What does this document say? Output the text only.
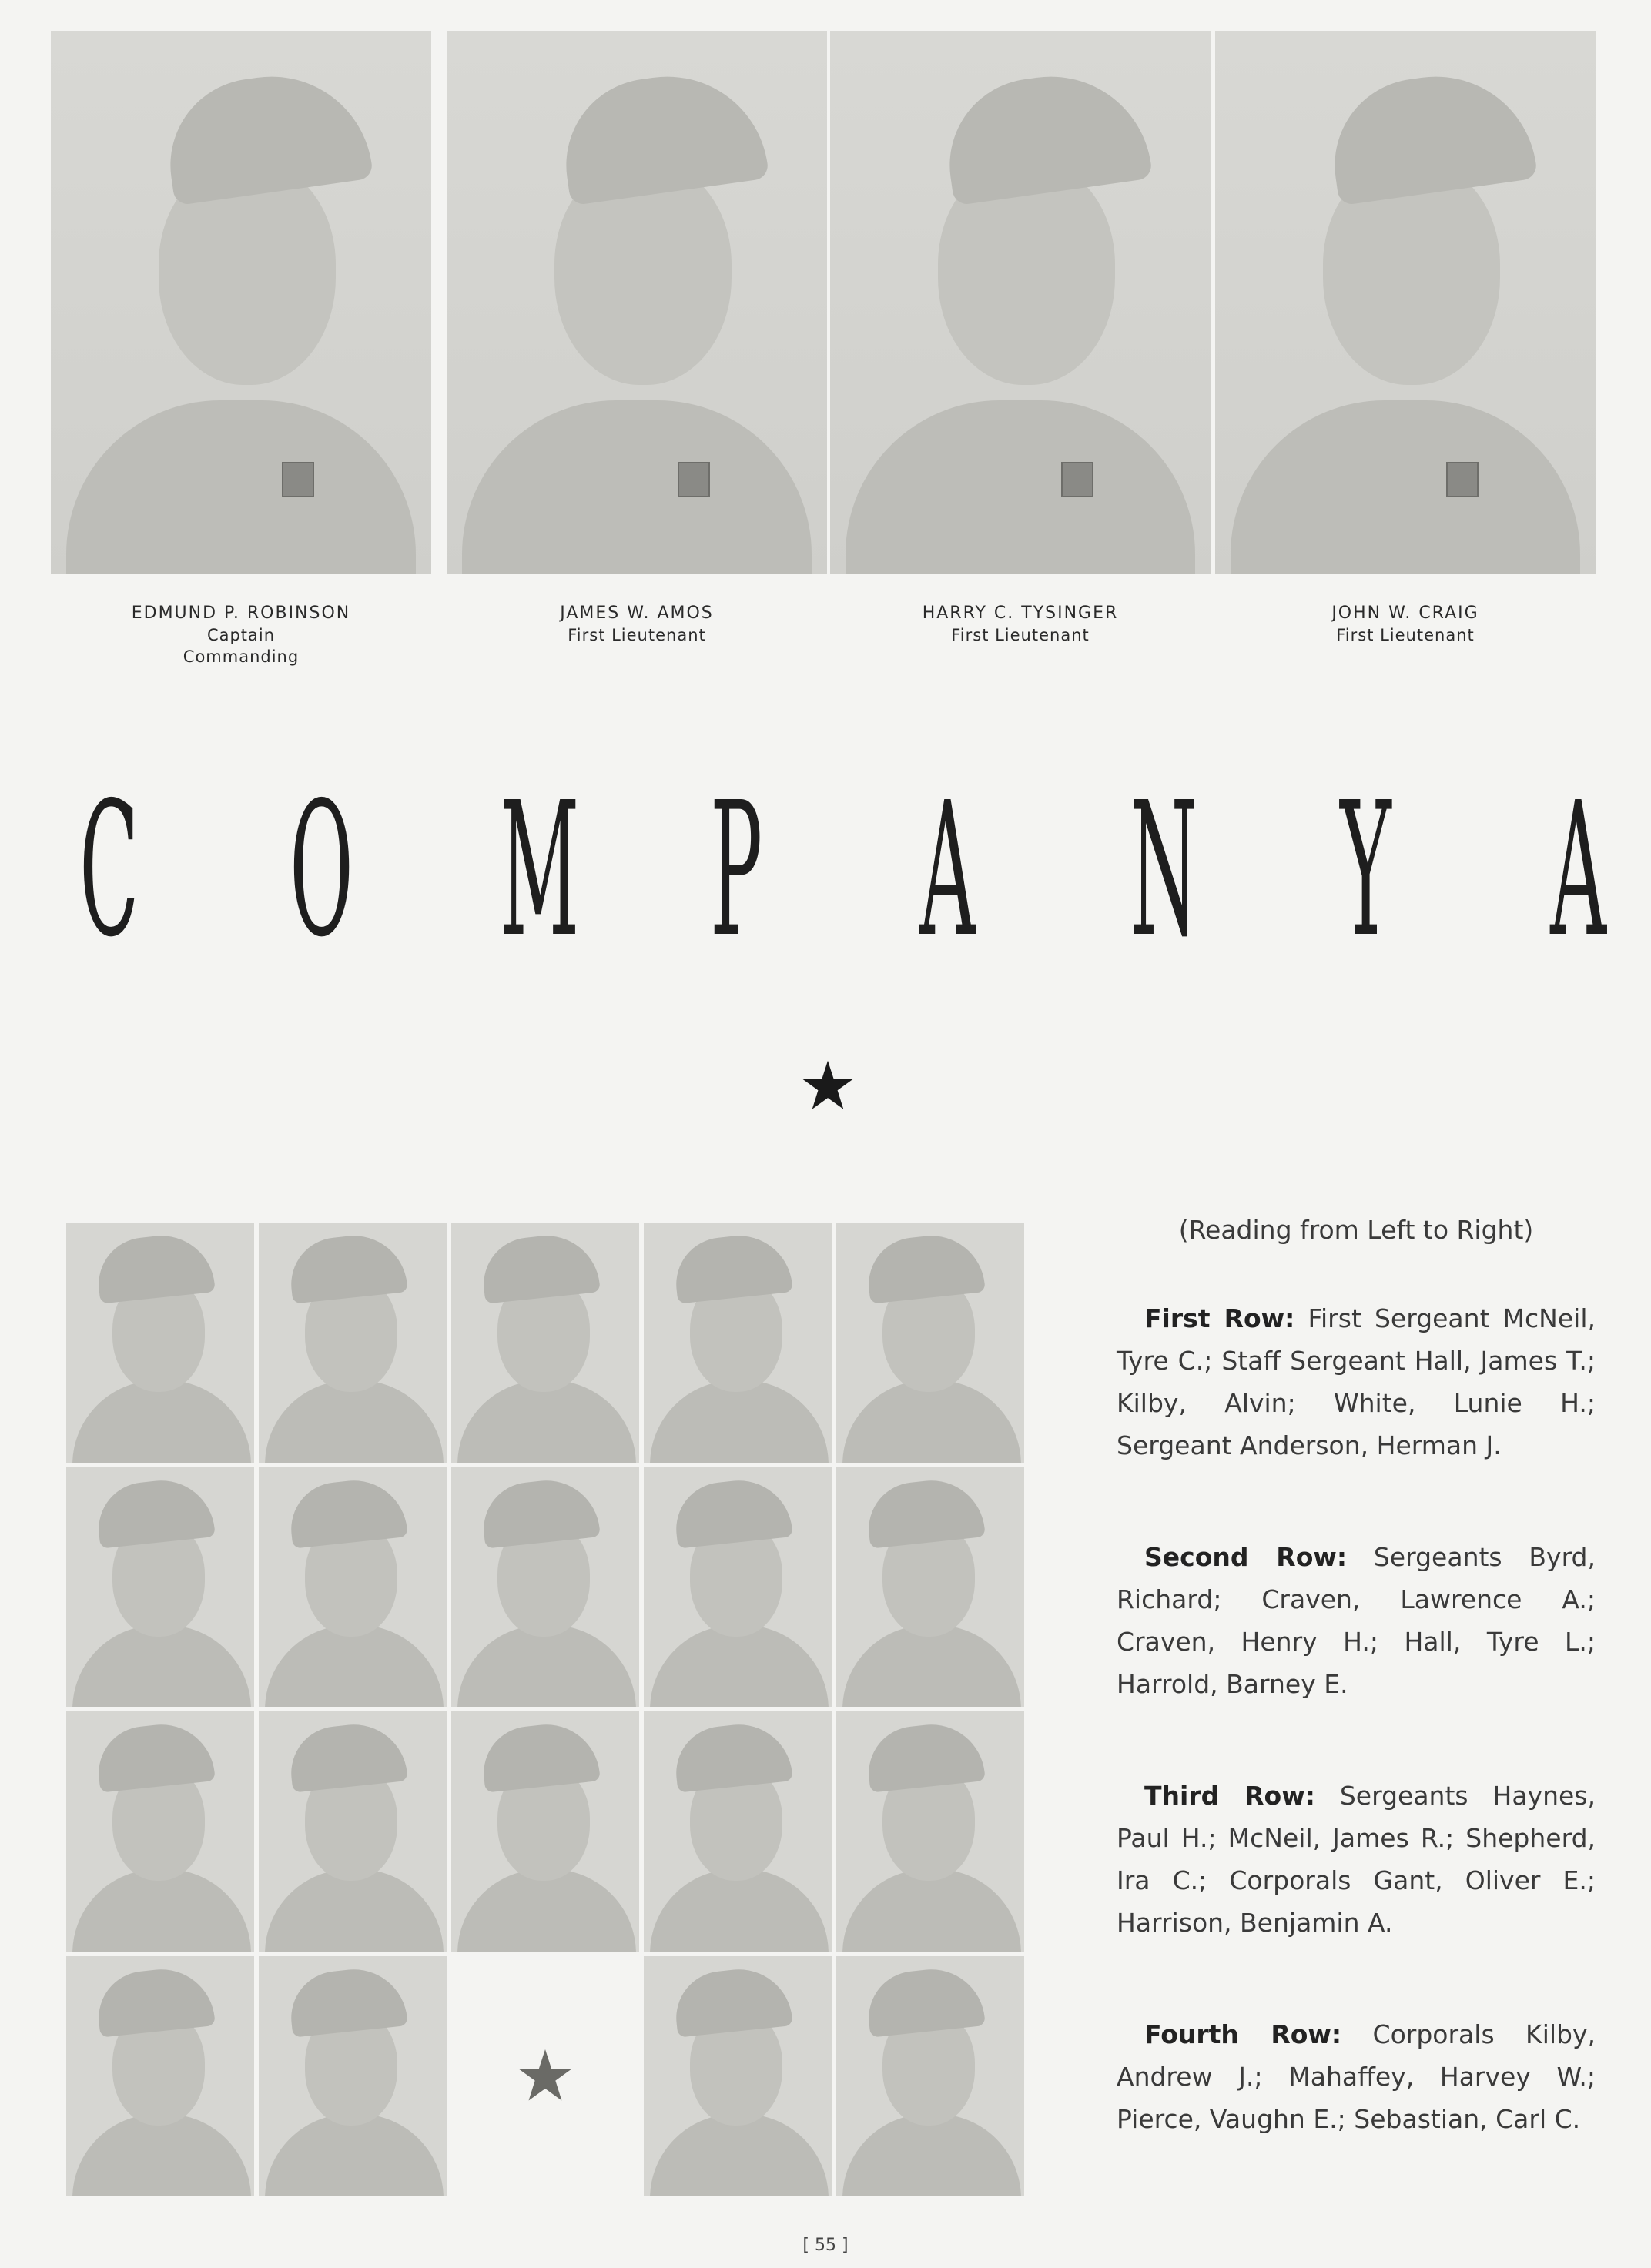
EDMUND P. ROBINSON
Captain
Commanding
JAMES W. AMOS
First Lieutenant
HARRY C. TYSINGER
First Lieutenant
JOHN W. CRAIG
First Lieutenant
C O M P A N Y A
(Reading from Left to Right)

First Row: First Sergeant McNeil, Tyre C.; Staff Sergeant Hall, James T.; Kilby, Alvin; White, Lunie H.; Sergeant Anderson, Herman J.

Second Row: Sergeants Byrd, Richard; Craven, Lawrence A.; Craven, Henry H.; Hall, Tyre L.; Harrold, Barney E.

Third Row: Sergeants Haynes, Paul H.; McNeil, James R.; Shepherd, Ira C.; Corporals Gant, Oliver E.; Harrison, Benjamin A.

Fourth Row: Corporals Kilby, Andrew J.; Mahaffey, Harvey W.; Pierce, Vaughn E.; Sebastian, Carl C.

[ 55 ]
